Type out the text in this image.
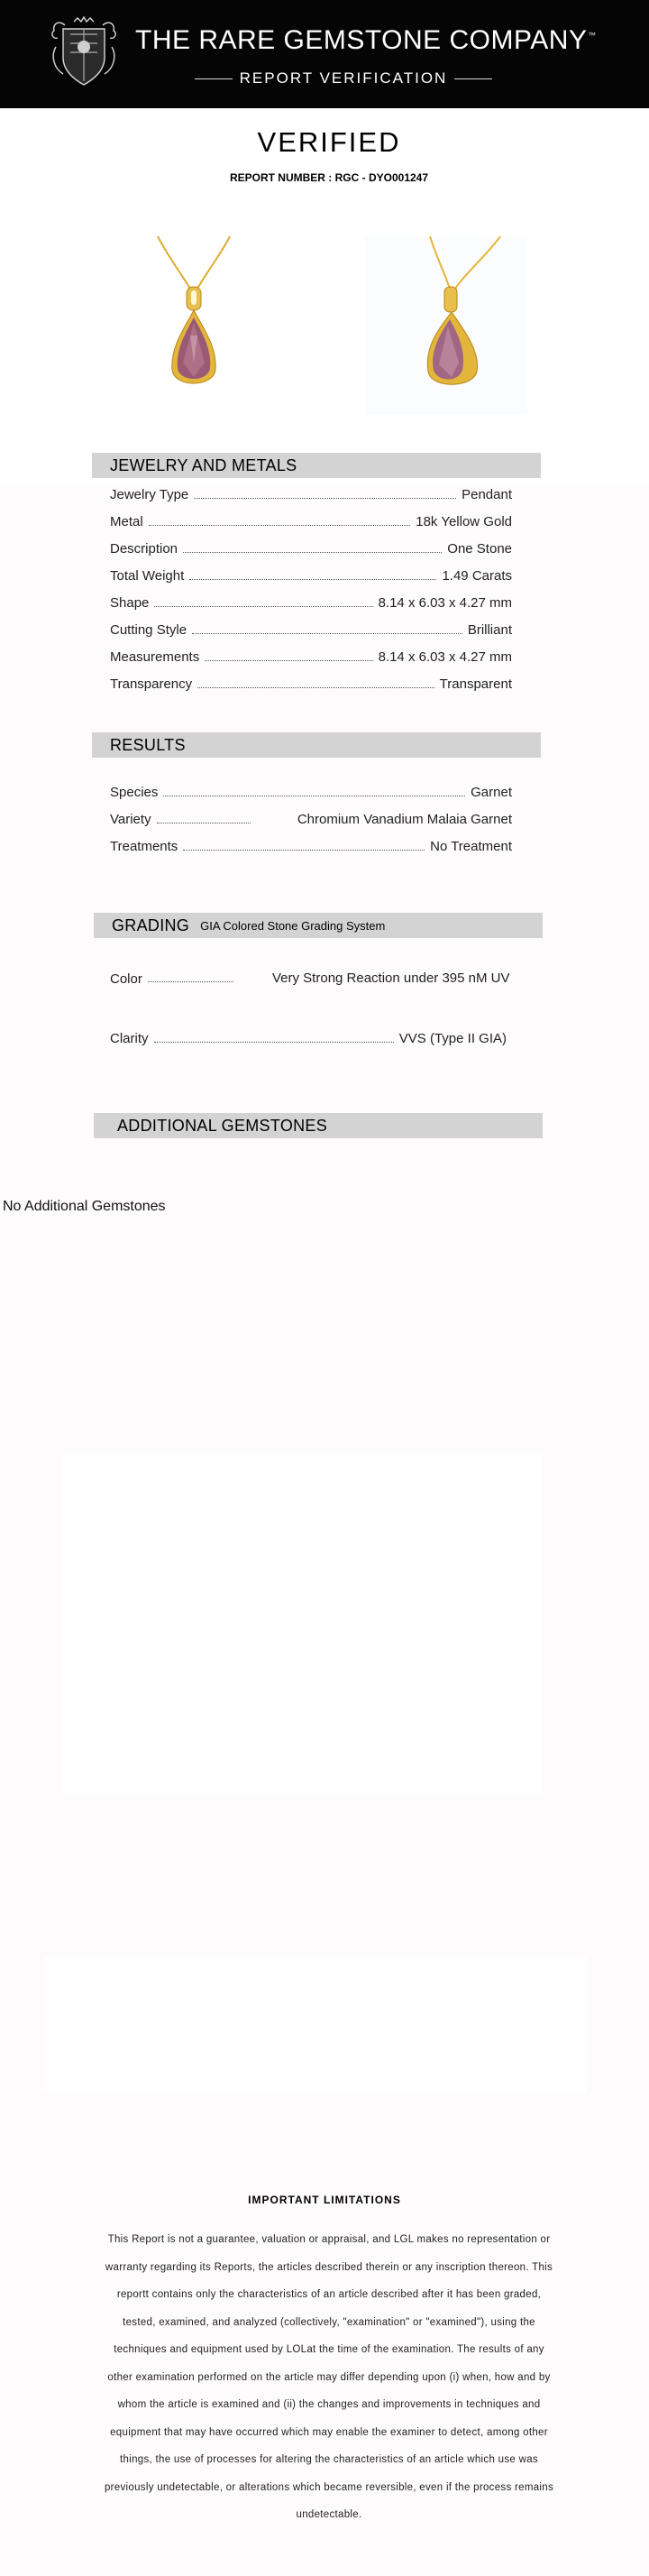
THE RARE GEMSTONE COMPANY ™
REPORT VERIFICATION
VERIFIED
REPORT NUMBER : RGC - DYO001247
JEWELRY AND METALS
Jewelry Type	Pendant
Metal	18k Yellow Gold
Description	One Stone
Total Weight	1.49 Carats
Shape	8.14 x 6.03 x 4.27 mm
Cutting Style	Brilliant
Measurements	8.14 x 6.03 x 4.27 mm
Transparency	Transparent
RESULTS
Species	Garnet
Variety	Chromium Vanadium Malaia Garnet
Treatments	No Treatment
GRADING GIA Colored Stone Grading System
Color	Very Strong Reaction under 395 nM UV
Clarity	VVS (Type II GIA)
ADDITIONAL GEMSTONES
No Additional Gemstones
IMPORTANT LIMITATIONS
This Report is not a guarantee, valuation or appraisal, and LGL makes no representation or warranty regarding its Reports, the articles described therein or any inscription thereon. This reportt contains only the characteristics of an article described after it has been graded, tested, examined, and analyzed (collectively, "examination" or "examined"), using the techniques and equipment used by LOLat the time of the examination. The results of any other examination performed on the article may differ depending upon (i) when, how and by whom the article is examined and (ii) the changes and improvements in techniques and equipment that may have occurred which may enable the examiner to detect, among other things, the use of processes for altering the characteristics of an article which use was previously undetectable, or alterations which became reversible, even if the process remains undetectable.
